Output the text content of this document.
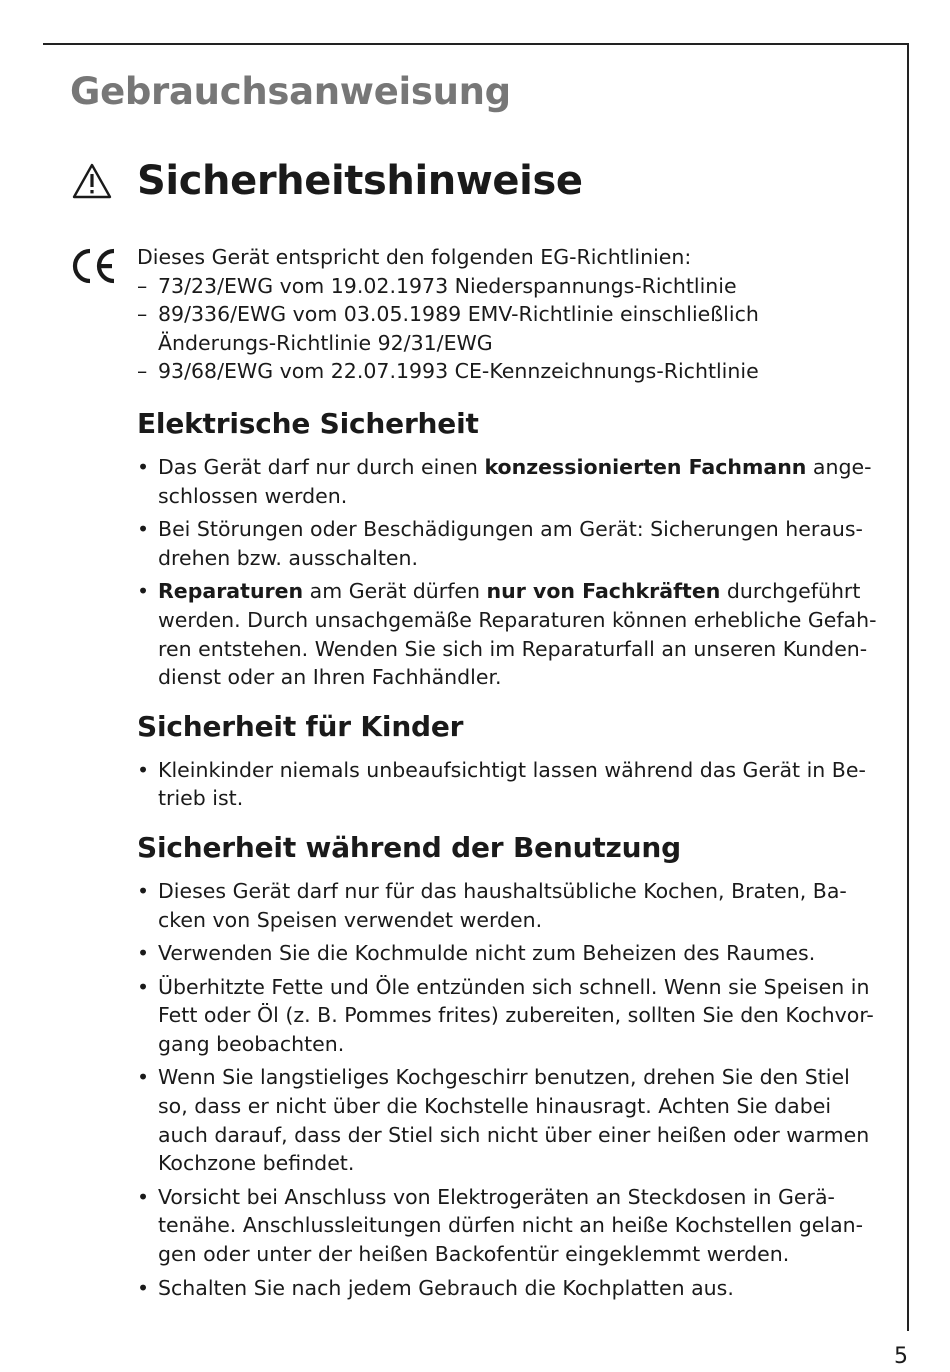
Gebrauchsanweisung
Sicherheitshinweise

Dieses Gerät entspricht den folgenden EG-Richtlinien:

– 73/23/EWG vom 19.02.1973 Niederspannungs-Richtlinie

– 89/336/EWG vom 03.05.1989 EMV-Richtlinie einschließlich

Änderungs-Richtlinie 92/31/EWG

– 93/68/EWG vom 22.07.1993 CE-Kennzeichnungs-Richtlinie

Elektrische Sicherheit
• Das Gerät darf nur durch einen konzessionierten Fachmann ange-
schlossen werden.

• Bei Störungen oder Beschädigungen am Gerät: Sicherungen heraus-
drehen bzw. ausschalten.

• Reparaturen am Gerät dürfen nur von Fachkräften durchgeführt
werden. Durch unsachgemäße Reparaturen können erhebliche Gefah-
ren entstehen. Wenden Sie sich im Reparaturfall an unseren Kunden-
dienst oder an Ihren Fachhändler.

Sicherheit für Kinder
• Kleinkinder niemals unbeaufsichtigt lassen während das Gerät in Be-
trieb ist.

Sicherheit während der Benutzung
• Dieses Gerät darf nur für das haushaltsübliche Kochen, Braten, Ba-
cken von Speisen verwendet werden.

• Verwenden Sie die Kochmulde nicht zum Beheizen des Raumes.

• Überhitzte Fette und Öle entzünden sich schnell. Wenn sie Speisen in
Fett oder Öl (z. B. Pommes frites) zubereiten, sollten Sie den Kochvor-
gang beobachten.

• Wenn Sie langstieliges Kochgeschirr benutzen, drehen Sie den Stiel
so, dass er nicht über die Kochstelle hinausragt. Achten Sie dabei
auch darauf, dass der Stiel sich nicht über einer heißen oder warmen
Kochzone befindet.

• Vorsicht bei Anschluss von Elektrogeräten an Steckdosen in Gerä-
tenähe. Anschlussleitungen dürfen nicht an heiße Kochstellen gelan-
gen oder unter der heißen Backofentür eingeklemmt werden.

• Schalten Sie nach jedem Gebrauch die Kochplatten aus.

5
